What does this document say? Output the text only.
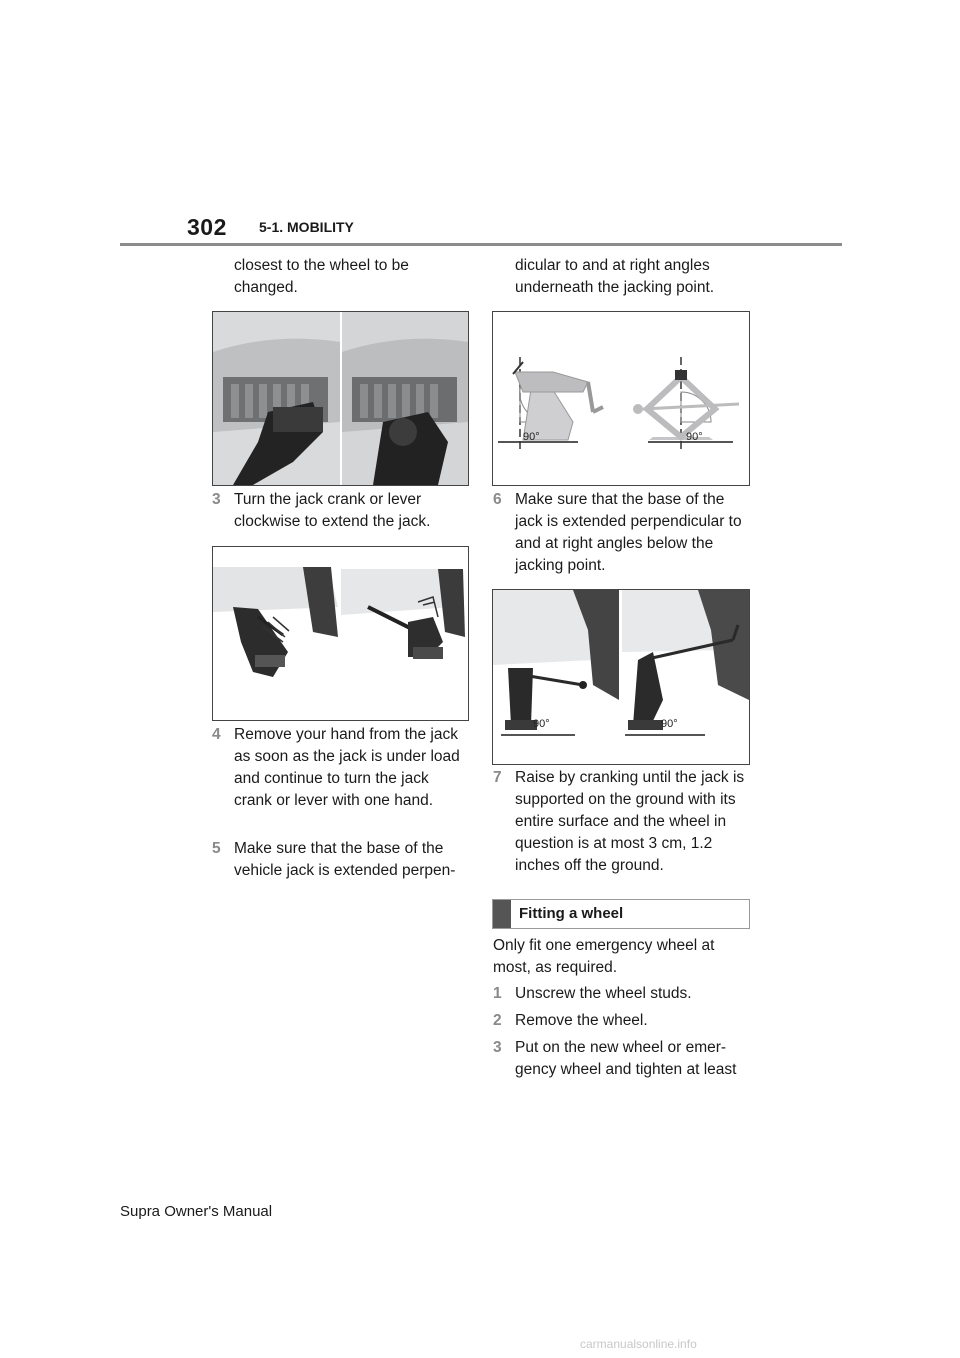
302 5-1. MOBILITY
closest to the wheel to be changed.
3 Turn the jack crank or lever clockwise to extend the jack.
4 Remove your hand from the jack as soon as the jack is under load and continue to turn the jack crank or lever with one hand.
5 Make sure that the base of the vehicle jack is extended perpen-
dicular to and at right angles underneath the jacking point.
90°	90°
6 Make sure that the base of the jack is extended perpendicular to and at right angles below the jacking point.
90°	90°
7 Raise by cranking until the jack is supported on the ground with its entire surface and the wheel in question is at most 3 cm, 1.2 inches off the ground.
Fitting a wheel
Only fit one emergency wheel at most, as required.
1 Unscrew the wheel studs.
2 Remove the wheel.
3 Put on the new wheel or emer-gency wheel and tighten at least
Supra Owner's Manual
carmanualsonline.info
